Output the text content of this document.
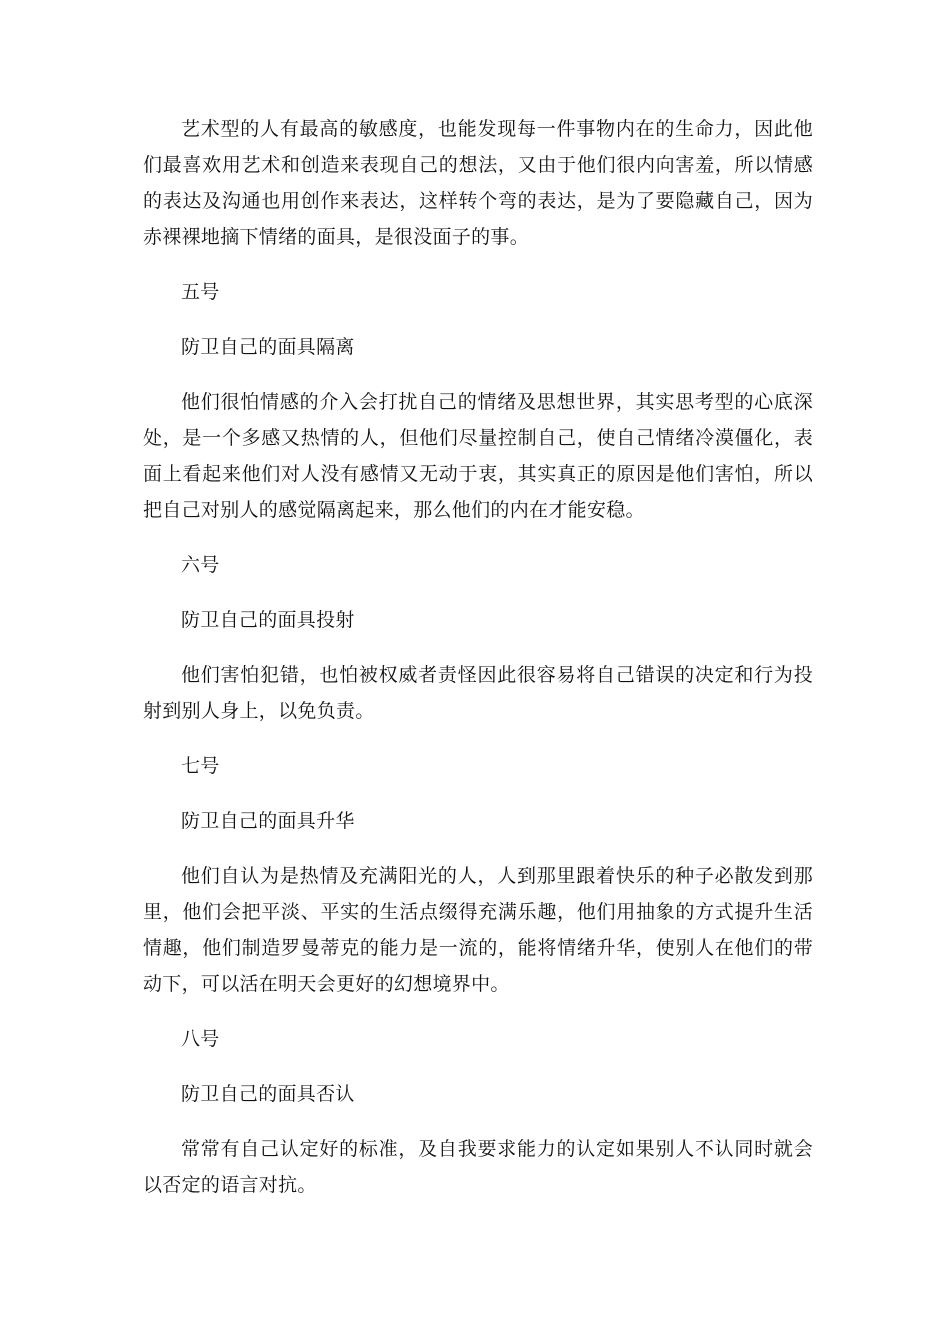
艺术型的人有最高的敏感度，也能发现每一件事物内在的生命力，因此他们最喜欢用艺术和创造来表现自己的想法，又由于他们很内向害羞，所以情感的表达及沟通也用创作来表达，这样转个弯的表达，是为了要隐藏自己，因为赤裸裸地摘下情绪的面具，是很没面子的事。

五号

防卫自己的面具隔离

他们很怕情感的介入会打扰自己的情绪及思想世界，其实思考型的心底深处，是一个多感又热情的人，但他们尽量控制自己，使自己情绪冷漠僵化，表面上看起来他们对人没有感情又无动于衷，其实真正的原因是他们害怕，所以把自己对别人的感觉隔离起来，那么他们的内在才能安稳。

六号

防卫自己的面具投射

他们害怕犯错，也怕被权威者责怪因此很容易将自己错误的决定和行为投射到别人身上，以免负责。

七号

防卫自己的面具升华

他们自认为是热情及充满阳光的人，人到那里跟着快乐的种子必散发到那里，他们会把平淡、平实的生活点缀得充满乐趣，他们用抽象的方式提升生活情趣，他们制造罗曼蒂克的能力是一流的，能将情绪升华，使别人在他们的带动下，可以活在明天会更好的幻想境界中。

八号

防卫自己的面具否认

常常有自己认定好的标准，及自我要求能力的认定如果别人不认同时就会以否定的语言对抗。
